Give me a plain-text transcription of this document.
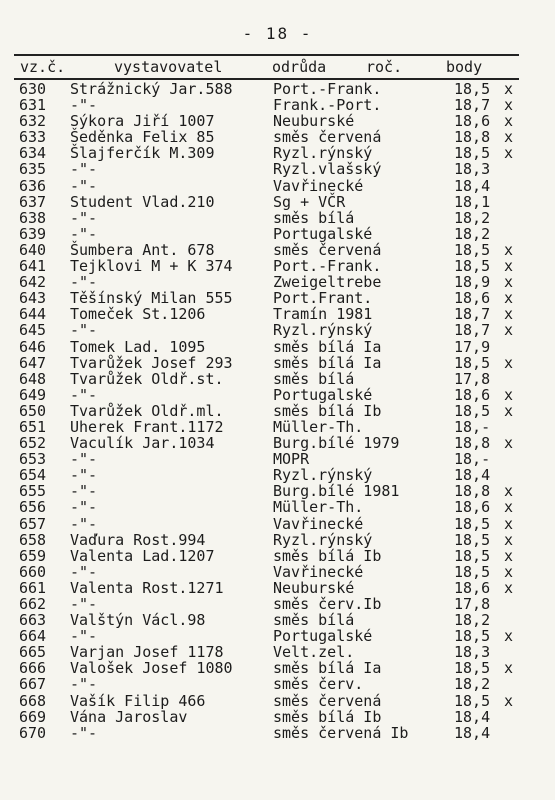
- 18 -
vz.č.	vystavovatel	odrůda	roč.	body
630 Strážnický Jar.588	Port.-Frank.	18,5 x
631 -"-	Frank.-Port.	18,7 x
632 Sýkora Jiří 1007	Neuburské	18,6 x
633 Šeděnka Felix 85	směs červená	18,8 x
634 Šlajferčík M.309	Ryzl.rýnský	18,5 x
635 -"-	Ryzl.vlašský	18,3
636 -"-	Vavřinecké	18,4
637 Student Vlad.210	Sg + VČR	18,1
638 -"-	směs bílá	18,2
639 -"-	Portugalské	18,2
640 Šumbera Ant. 678	směs červená	18,5 x
641 Tejklovi M + K 374	Port.-Frank.	18,5 x
642 -"-	Zweigeltrebe	18,9 x
643 Těšínský Milan 555	Port.Frant.	18,6 x
644 Tomeček St.1206	Tramín 1981	18,7 x
645 -"-	Ryzl.rýnský	18,7 x
646 Tomek Lad. 1095	směs bílá Ia	17,9
647 Tvarůžek Josef 293	směs bílá Ia	18,5 x
648 Tvarůžek Oldř.st.	směs bílá	17,8
649 -"-	Portugalské	18,6 x
650 Tvarůžek Oldř.ml.	směs bílá Ib	18,5 x
651 Uherek Frant.1172	Müller-Th.	18,-
652 Vaculík Jar.1034	Burg.bílé 1979	18,8 x
653 -"-	MOPR	18,-
654 -"-	Ryzl.rýnský	18,4
655 -"-	Burg.bílé 1981	18,8 x
656 -"-	Müller-Th.	18,6 x
657 -"-	Vavřinecké	18,5 x
658 Vaďura Rost.994	Ryzl.rýnský	18,5 x
659 Valenta Lad.1207	směs bílá Ib	18,5 x
660 -"-	Vavřinecké	18,5 x
661 Valenta Rost.1271	Neuburské	18,6 x
662 -"-	směs červ.Ib	17,8
663 Valštýn Václ.98	směs bílá	18,2
664 -"-	Portugalské	18,5 x
665 Varjan Josef 1178	Velt.zel.	18,3
666 Valošek Josef 1080	směs bílá Ia	18,5 x
667 -"-	směs červ.	18,2
668 Vašík Filip 466	směs červená	18,5 x
669 Vána Jaroslav	směs bílá Ib	18,4
670 -"-	směs červená Ib	18,4
